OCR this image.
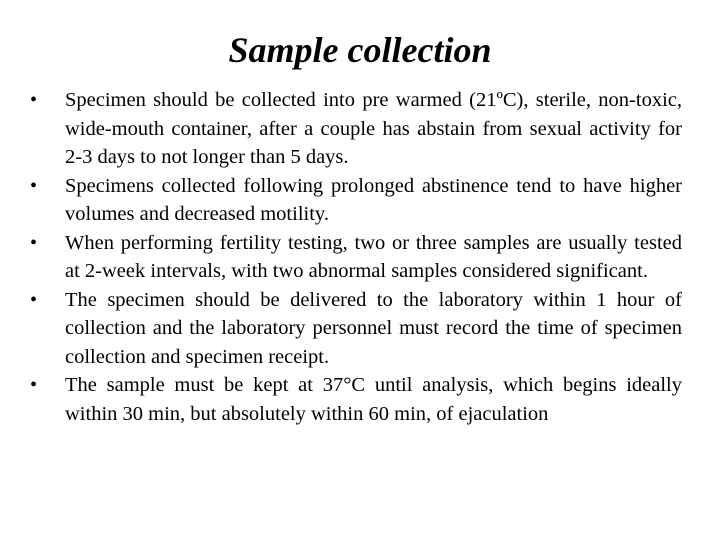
Sample collection
•	Specimen should be collected into pre warmed (21ºC), sterile, non-toxic, wide-mouth container, after a couple has abstain from sexual activity for 2-3 days to not longer than 5 days.
•	Specimens collected following prolonged abstinence tend to have higher volumes and decreased motility.
•	When performing fertility testing, two or three samples are usually tested at 2-week intervals, with two abnormal samples considered significant.
•	The specimen should be delivered to the laboratory within 1 hour of collection and the laboratory personnel must record the time of specimen collection and specimen receipt.
•	The sample must be kept at 37°C until analysis, which begins ideally within 30 min, but absolutely within 60 min, of ejaculation
